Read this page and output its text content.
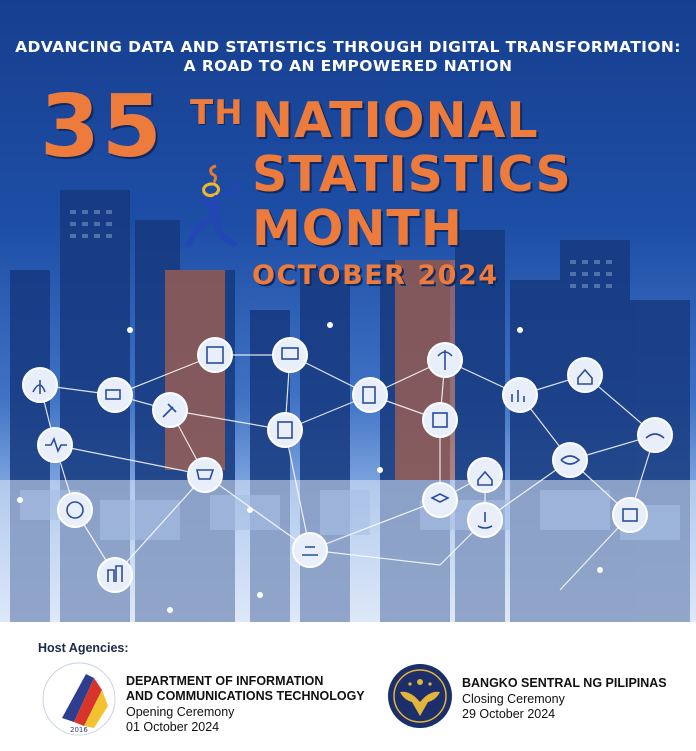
ADVANCING DATA AND STATISTICS THROUGH DIGITAL TRANSFORMATION:
A ROAD TO AN EMPOWERED NATION
35 TH NATIONAL
STATISTICS
MONTH
OCTOBER 2024
Host Agencies:
2016
DEPARTMENT OF INFORMATION
AND COMMUNICATIONS TECHNOLOGY
Opening Ceremony
01 October 2024
BANGKO SENTRAL NG PILIPINAS
Closing Ceremony
29 October 2024
